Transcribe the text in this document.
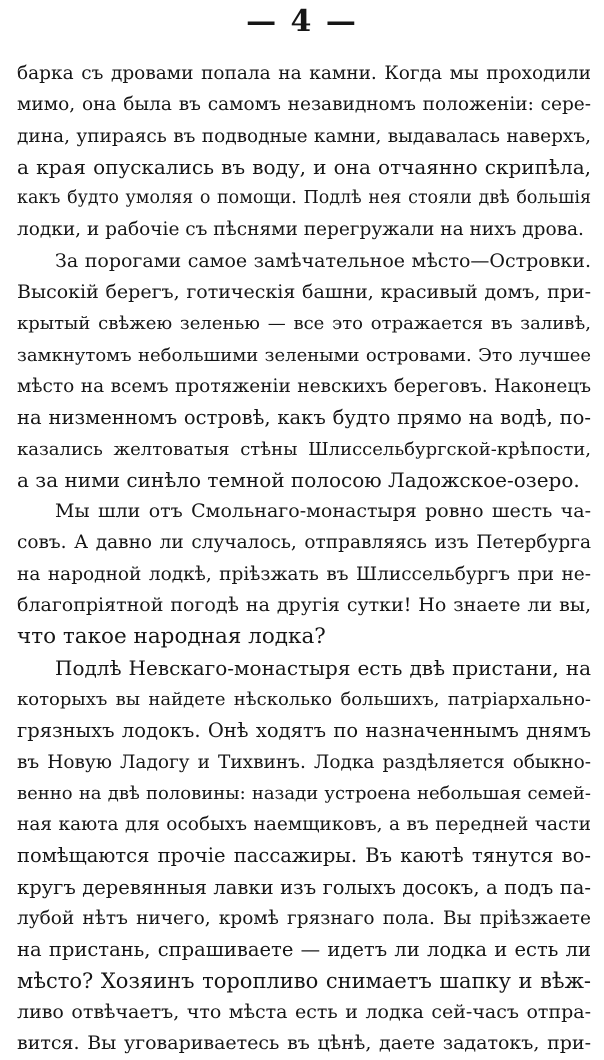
— 4 —
барка съ дровами попала на камни. Когда мы проходили
мимо, она была въ самомъ незавидномъ положенiи: сере-
дина, упираясь въ подводные камни, выдавалась наверхъ,
а края опускались въ воду, и она отчаянно скрипѣла,
какъ будто умоляя о помощи. Подлѣ нея стояли двѣ большiя
лодки, и рабочiе съ пѣснями перегружали на нихъ дрова.
За порогами самое замѣчательное мѣсто—Островки.
Высокiй берегъ, готическiя башни, красивый домъ, при-
крытый свѣжею зеленью — все это отражается въ заливѣ,
замкнутомъ небольшими зелеными островами. Это лучшее
мѣсто на всемъ протяженiи невскихъ береговъ. Наконецъ
на низменномъ островѣ, какъ будто прямо на водѣ, по-
казались желтоватыя стѣны Шлиссельбургской-крѣпости,
а за ними синѣло темной полосою Ладожское-озеро.
Мы шли отъ Смольнаго-монастыря ровно шесть ча-
совъ. А давно ли случалось, отправляясь изъ Петербурга
на народной лодкѣ, прiѣзжать въ Шлиссельбургъ при не-
благопрiятной погодѣ на другiя сутки! Но знаете ли вы,
что такое народная лодка?
Подлѣ Невскаго-монастыря есть двѣ пристани, на
которыхъ вы найдете нѣсколько большихъ, патрiархально-
грязныхъ лодокъ. Онѣ ходятъ по назначеннымъ днямъ
въ Новую Ладогу и Тихвинъ. Лодка раздѣляется обыкно-
венно на двѣ половины: назади устроена небольшая семей-
ная каюта для особыхъ наемщиковъ, а въ передней части
помѣщаются прочiе пассажиры. Въ каютѣ тянутся во-
кругъ деревянныя лавки изъ голыхъ досокъ, а подъ па-
лубой нѣтъ ничего, кромѣ грязнаго пола. Вы прiѣзжаете
на пристань, спрашиваете — идетъ ли лодка и есть ли
мѣсто? Хозяинъ торопливо снимаетъ шапку и вѣж-
ливо отвѣчаетъ, что мѣста есть и лодка сей-часъ отпра-
вится. Вы уговариваетесь въ цѣнѣ, даете задатокъ, при-
